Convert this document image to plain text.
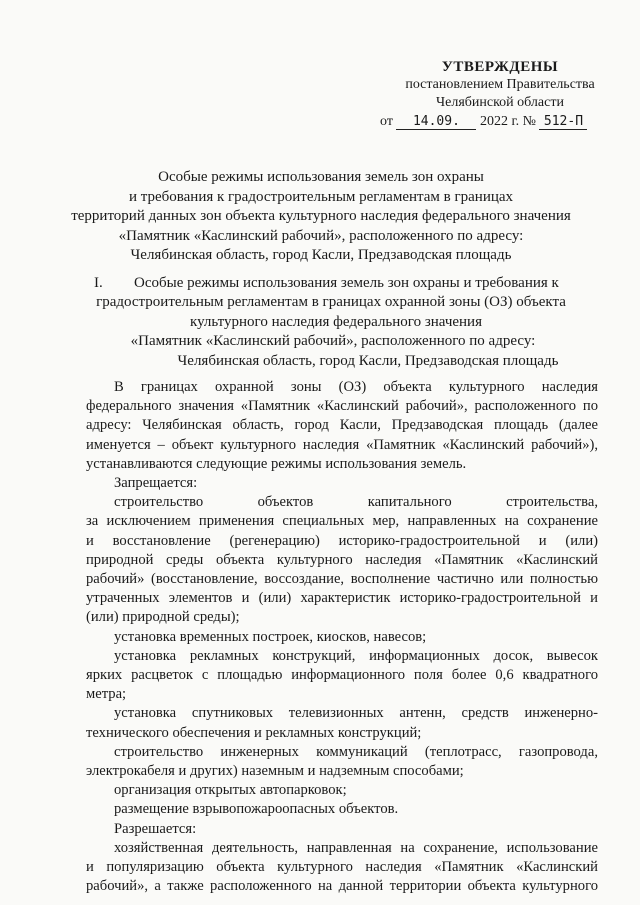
УТВЕРЖДЕНЫ
постановлением Правительства
Челябинской области
от 14.09. 2022 г. № 512-П
Особые режимы использования земель зон охраны
и требования к градостроительным регламентам в границах
территорий данных зон объекта культурного наследия федерального значения
«Памятник «Каслинский рабочий», расположенного по адресу:
Челябинская область, город Касли, Предзаводская площадь
I. Особые режимы использования земель зон охраны и требования к
градостроительным регламентам в границах охранной зоны (ОЗ) объекта
культурного наследия федерального значения
«Памятник «Каслинский рабочий», расположенного по адресу:
Челябинская область, город Касли, Предзаводская площадь
В границах охранной зоны (ОЗ) объекта культурного наследия
федерального значения «Памятник «Каслинский рабочий», расположенного по
адресу: Челябинская область, город Касли, Предзаводская площадь (далее
именуется – объект культурного наследия «Памятник «Каслинский рабочий»),
устанавливаются следующие режимы использования земель.
Запрещается:
строительство объектов капитального строительства,
за исключением применения специальных мер, направленных на сохранение
и восстановление (регенерацию) историко-градостроительной и (или)
природной среды объекта культурного наследия «Памятник «Каслинский
рабочий» (восстановление, воссоздание, восполнение частично или полностью
утраченных элементов и (или) характеристик историко-градостроительной и
(или) природной среды);
установка временных построек, киосков, навесов;
установка рекламных конструкций, информационных досок, вывесок
ярких расцветок с площадью информационного поля более 0,6 квадратного
метра;
установка спутниковых телевизионных антенн, средств инженерно-
технического обеспечения и рекламных конструкций;
строительство инженерных коммуникаций (теплотрасс, газопровода,
электрокабеля и других) наземным и надземным способами;
организация открытых автопарковок;
размещение взрывопожароопасных объектов.
Разрешается:
хозяйственная деятельность, направленная на сохранение, использование
и популяризацию объекта культурного наследия «Памятник «Каслинский
рабочий», а также расположенного на данной территории объекта культурного
